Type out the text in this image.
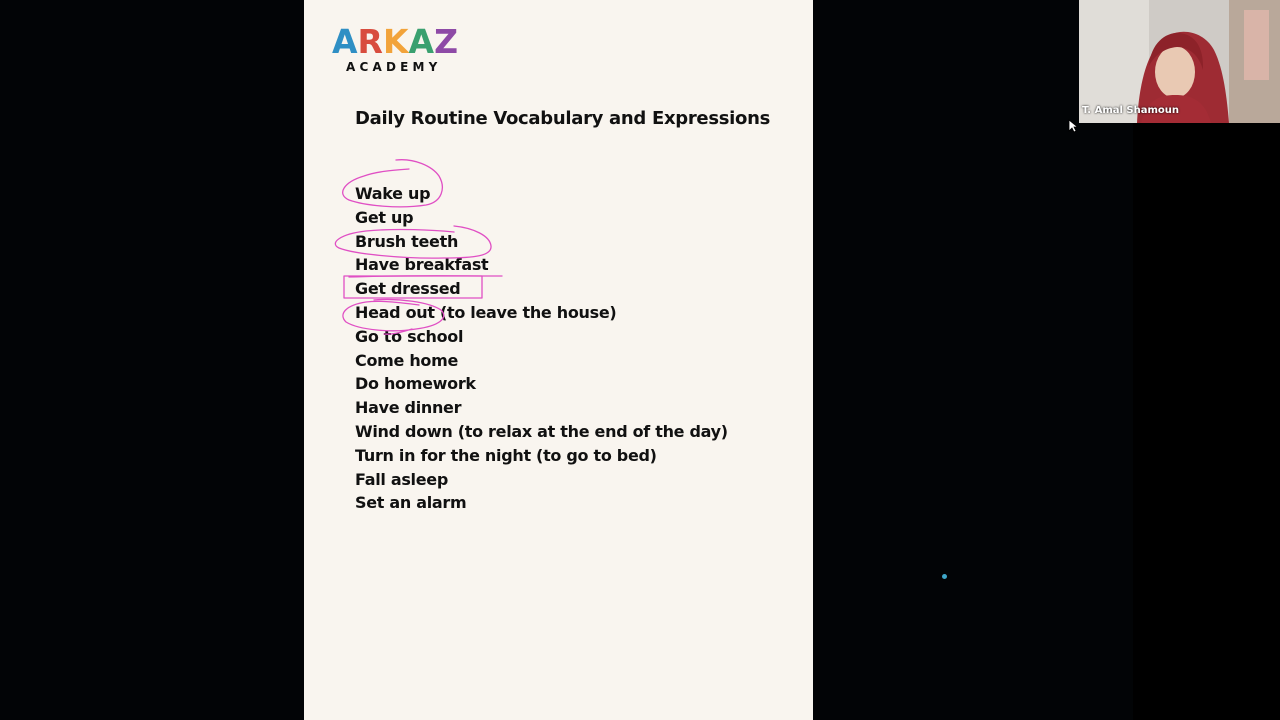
ARKAZ
ACADEMY
Daily Routine Vocabulary and Expressions
Wake up
Get up
Brush teeth
Have breakfast
Get dressed
Head out (to leave the house)
Go to school
Come home
Do homework
Have dinner
Wind down (to relax at the end of the day)
Turn in for the night (to go to bed)
Fall asleep
Set an alarm
T. Amal Shamoun
